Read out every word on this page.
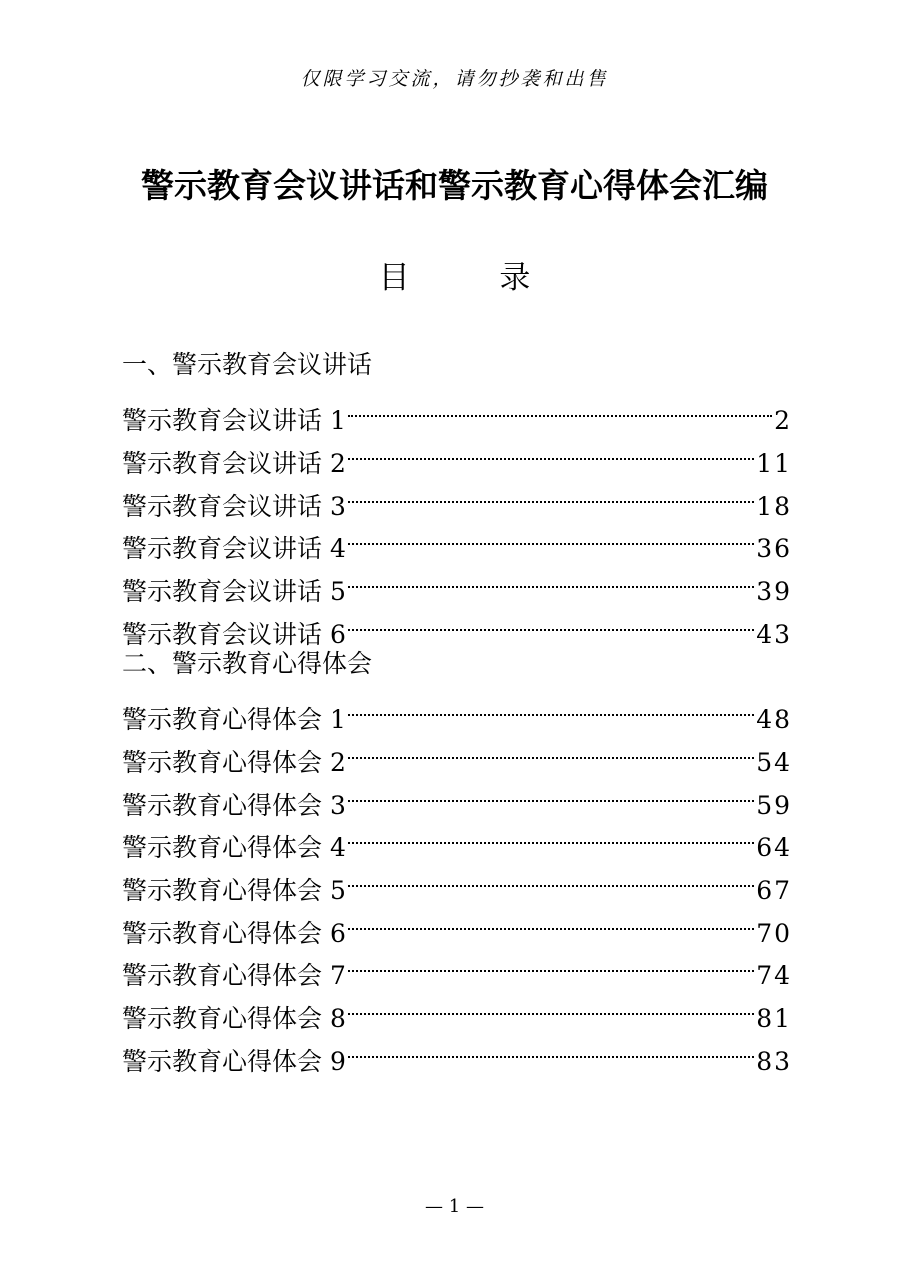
仅限学习交流，请勿抄袭和出售
警示教育会议讲话和警示教育心得体会汇编
目 录
一、警示教育会议讲话
警示教育会议讲话 1	2
警示教育会议讲话 2	11
警示教育会议讲话 3	18
警示教育会议讲话 4	36
警示教育会议讲话 5	39
警示教育会议讲话 6	43
二、警示教育心得体会
警示教育心得体会 1	48
警示教育心得体会 2	54
警示教育心得体会 3	59
警示教育心得体会 4	64
警示教育心得体会 5	67
警示教育心得体会 6	70
警示教育心得体会 7	74
警示教育心得体会 8	81
警示教育心得体会 9	83
— 1 —
